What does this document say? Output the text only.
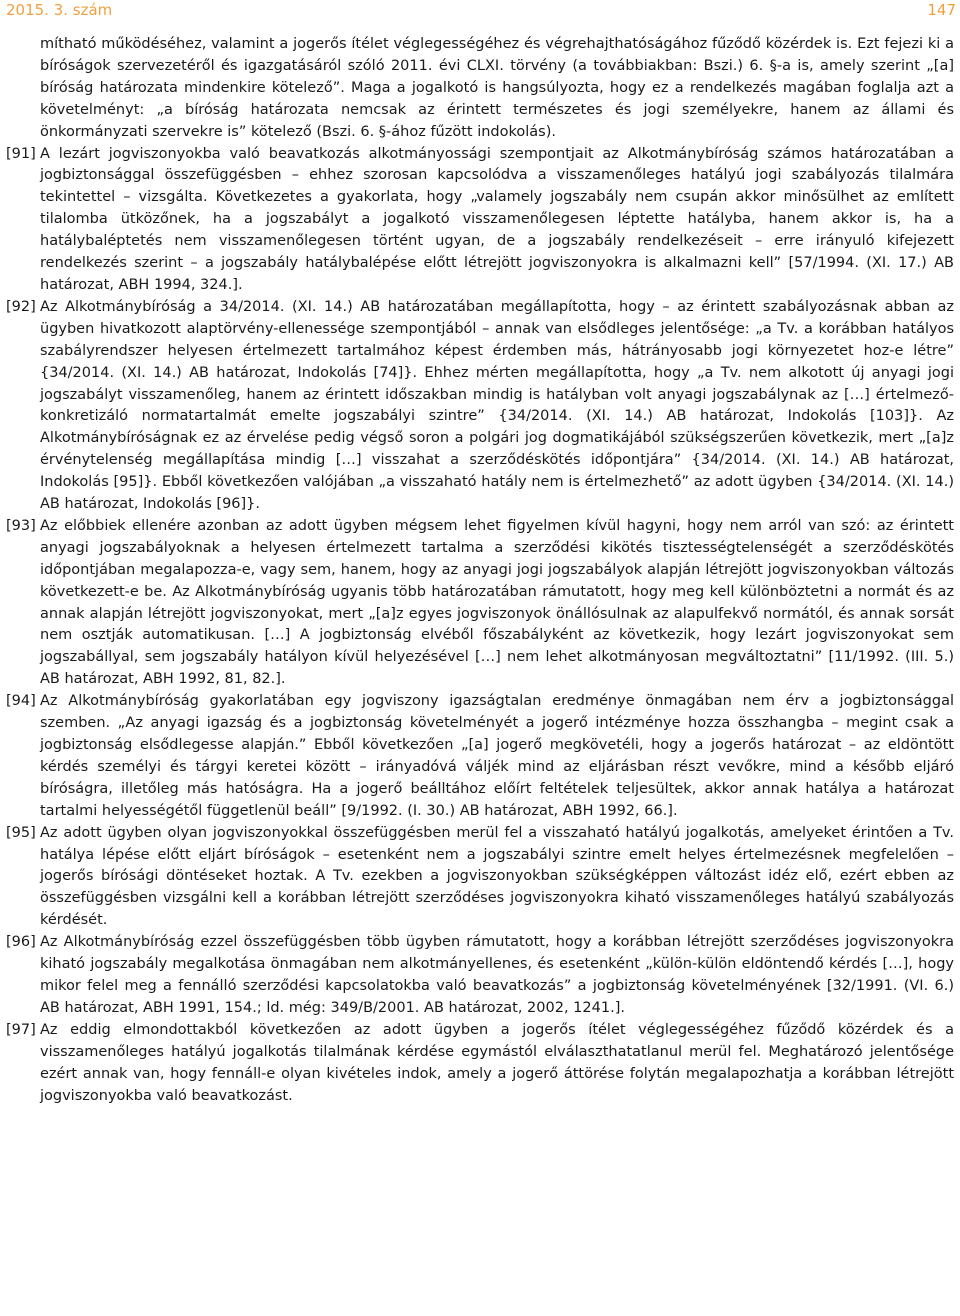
2015. 3. szám	147
mítható működéséhez, valamint a jogerős ítélet véglegességéhez és végrehajthatóságához fűződő közérdek is. Ezt fejezi ki a bíróságok szervezetéről és igazgatásáról szóló 2011. évi CLXI. törvény (a továbbiakban: Bszi.) 6. §-a is, amely szerint „[a] bíróság határozata mindenkire kötelező”. Maga a jogalkotó is hangsúlyozta, hogy ez a rendelkezés magában foglalja azt a követelményt: „a bíróság határozata nemcsak az érintett természetes és jogi személyekre, hanem az állami és önkormányzati szervekre is” kötelező (Bszi. 6. §-ához fűzött indokolás).
[91] A lezárt jogviszonyokba való beavatkozás alkotmányossági szempontjait az Alkotmánybíróság számos határozatában a jogbiztonsággal összefüggésben – ehhez szorosan kapcsolódva a visszamenőleges hatályú jogi szabályozás tilalmára tekintettel – vizsgálta. Következetes a gyakorlata, hogy „valamely jogszabály nem csupán akkor minősülhet az említett tilalomba ütközőnek, ha a jogszabályt a jogalkotó visszamenőlegesen léptette hatályba, hanem akkor is, ha a hatálybaléptetés nem visszamenőlegesen történt ugyan, de a jogszabály rendelkezéseit – erre irányuló kifejezett rendelkezés szerint – a jogszabály hatálybalépése előtt létrejött jogviszonyokra is alkalmazni kell” [57/1994. (XI. 17.) AB határozat, ABH 1994, 324.].
[92] Az Alkotmánybíróság a 34/2014. (XI. 14.) AB határozatában megállapította, hogy – az érintett szabályozásnak abban az ügyben hivatkozott alaptörvény-ellenessége szempontjából – annak van elsődleges jelentősége: „a Tv. a korábban hatályos szabályrendszer helyesen értelmezett tartalmához képest érdemben más, hátrányosabb jogi környezetet hoz-e létre” {34/2014. (XI. 14.) AB határozat, Indokolás [74]}. Ehhez mérten megállapította, hogy „a Tv. nem alkotott új anyagi jogi jogszabályt visszamenőleg, hanem az érintett időszakban mindig is hatályban volt anyagi jogszabálynak az […] értelmező-konkretizáló normatartalmát emelte jogszabályi szintre” {34/2014. (XI. 14.) AB határozat, Indokolás [103]}. Az Alkotmánybíróságnak ez az érvelése pedig végső soron a polgári jog dogmatikájából szükségszerűen következik, mert „[a]z érvénytelenség megállapítása mindig […] visszahat a szerződéskötés időpontjára” {34/2014. (XI. 14.) AB határozat, Indokolás [95]}. Ebből következően valójában „a visszaható hatály nem is értelmezhető” az adott ügyben {34/2014. (XI. 14.) AB határozat, Indokolás [96]}.
[93] Az előbbiek ellenére azonban az adott ügyben mégsem lehet figyelmen kívül hagyni, hogy nem arról van szó: az érintett anyagi jogszabályoknak a helyesen értelmezett tartalma a szerződési kikötés tisztességtelenségét a szerződéskötés időpontjában megalapozza-e, vagy sem, hanem, hogy az anyagi jogi jogszabályok alapján létrejött jogviszonyokban változás következett-e be. Az Alkotmánybíróság ugyanis több határozatában rámutatott, hogy meg kell különböztetni a normát és az annak alapján létrejött jogviszonyokat, mert „[a]z egyes jogviszonyok önállósulnak az alapulfekvő normától, és annak sorsát nem osztják automatikusan. […] A jogbiztonság elvéből főszabályként az következik, hogy lezárt jogviszonyokat sem jogszabállyal, sem jogszabály hatályon kívül helyezésével […] nem lehet alkotmányosan megváltoztatni” [11/1992. (III. 5.) AB határozat, ABH 1992, 81, 82.].
[94] Az Alkotmánybíróság gyakorlatában egy jogviszony igazságtalan eredménye önmagában nem érv a jogbiztonsággal szemben. „Az anyagi igazság és a jogbiztonság követelményét a jogerő intézménye hozza összhangba – megint csak a jogbiztonság elsődlegesse alapján.” Ebből következően „[a] jogerő megkövetéli, hogy a jogerős határozat – az eldöntött kérdés személyi és tárgyi keretei között – irányadóvá váljék mind az eljárásban részt vevőkre, mind a később eljáró bíróságra, illetőleg más hatóságra. Ha a jogerő beálltához előírt feltételek teljesültek, akkor annak hatálya a határozat tartalmi helyességétől függetlenül beáll” [9/1992. (I. 30.) AB határozat, ABH 1992, 66.].
[95] Az adott ügyben olyan jogviszonyokkal összefüggésben merül fel a visszaható hatályú jogalkotás, amelyeket érintően a Tv. hatálya lépése előtt eljárt bíróságok – esetenként nem a jogszabályi szintre emelt helyes értelmezésnek megfelelően – jogerős bírósági döntéseket hoztak. A Tv. ezekben a jogviszonyokban szükségképpen változást idéz elő, ezért ebben az összefüggésben vizsgálni kell a korábban létrejött szerződéses jogviszonyokra kiható visszamenőleges hatályú szabályozás kérdését.
[96] Az Alkotmánybíróság ezzel összefüggésben több ügyben rámutatott, hogy a korábban létrejött szerződéses jogviszonyokra kiható jogszabály megalkotása önmagában nem alkotmányellenes, és esetenként „külön-külön eldöntendő kérdés […], hogy mikor felel meg a fennálló szerződési kapcsolatokba való beavatkozás” a jogbiztonság követelményének [32/1991. (VI. 6.) AB határozat, ABH 1991, 154.; ld. még: 349/B/2001. AB határozat, 2002, 1241.].
[97] Az eddig elmondottakból következően az adott ügyben a jogerős ítélet véglegességéhez fűződő közérdek és a visszamenőleges hatályú jogalkotás tilalmának kérdése egymástól elválaszthatatlanul merül fel. Meghatározó jelentősége ezért annak van, hogy fennáll-e olyan kivételes indok, amely a jogerő áttörése folytán megalapozhatja a korábban létrejött jogviszonyokba való beavatkozást.
